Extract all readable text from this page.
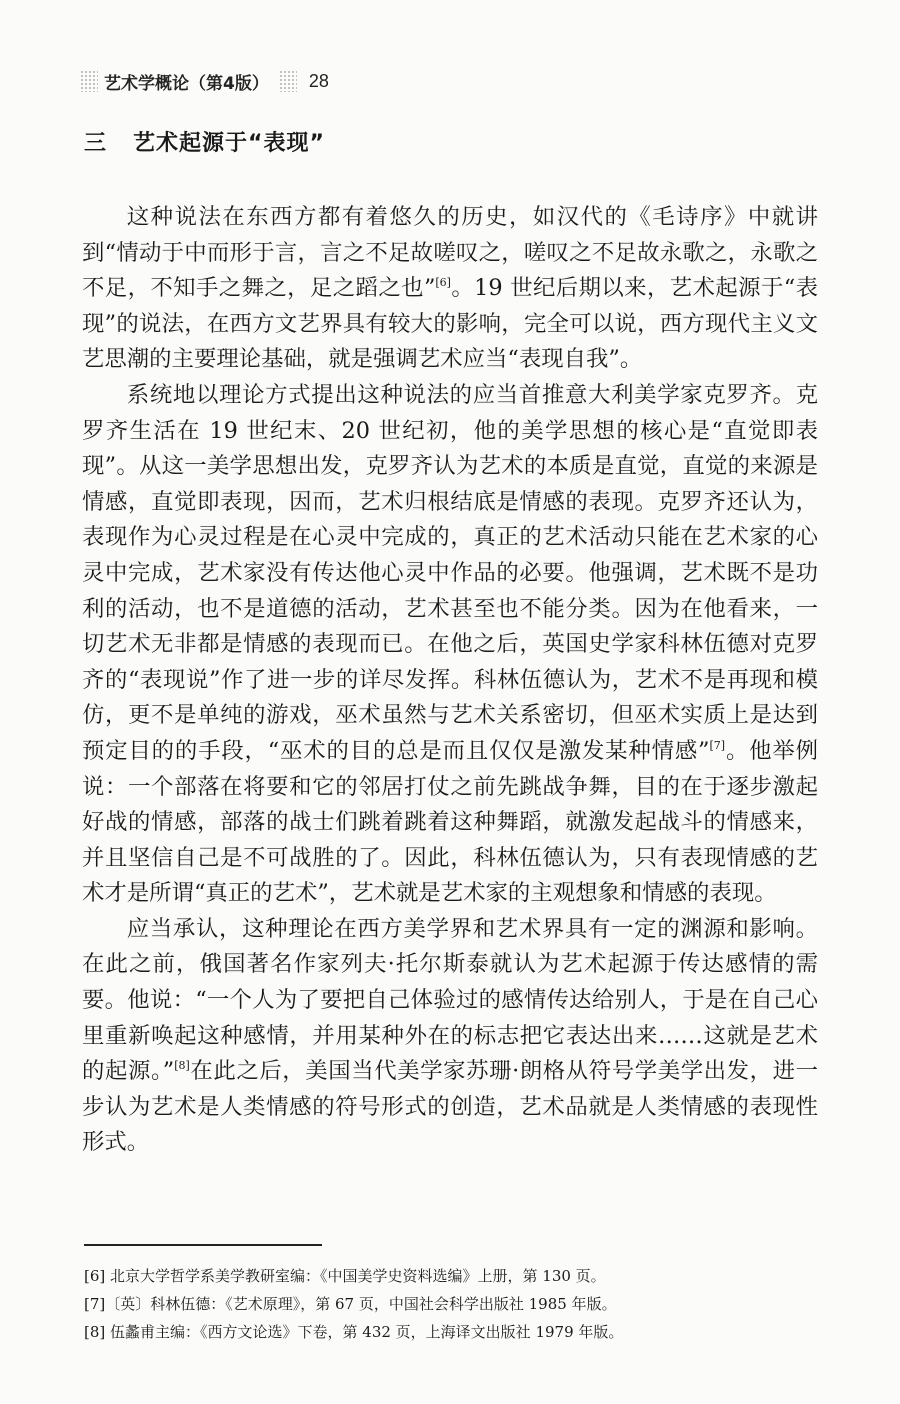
艺术学概论（第4版） 28
三 艺术起源于“表现”

这种说法在东西方都有着悠久的历史，如汉代的《毛诗序》中就讲到“情动于中而形于言，言之不足故嗟叹之，嗟叹之不足故永歌之，永歌之不足，不知手之舞之，足之蹈之也”[6]。19 世纪后期以来，艺术起源于“表现”的说法，在西方文艺界具有较大的影响，完全可以说，西方现代主义文艺思潮的主要理论基础，就是强调艺术应当“表现自我”。

系统地以理论方式提出这种说法的应当首推意大利美学家克罗齐。克罗齐生活在 19 世纪末、20 世纪初，他的美学思想的核心是“直觉即表现”。从这一美学思想出发，克罗齐认为艺术的本质是直觉，直觉的来源是情感，直觉即表现，因而，艺术归根结底是情感的表现。克罗齐还认为，表现作为心灵过程是在心灵中完成的，真正的艺术活动只能在艺术家的心灵中完成，艺术家没有传达他心灵中作品的必要。他强调，艺术既不是功利的活动，也不是道德的活动，艺术甚至也不能分类。因为在他看来，一切艺术无非都是情感的表现而已。在他之后，英国史学家科林伍德对克罗齐的“表现说”作了进一步的详尽发挥。科林伍德认为，艺术不是再现和模仿，更不是单纯的游戏，巫术虽然与艺术关系密切，但巫术实质上是达到预定目的的手段，“巫术的目的总是而且仅仅是激发某种情感”[7]。他举例说：一个部落在将要和它的邻居打仗之前先跳战争舞，目的在于逐步激起好战的情感，部落的战士们跳着跳着这种舞蹈，就激发起战斗的情感来，并且坚信自己是不可战胜的了。因此，科林伍德认为，只有表现情感的艺术才是所谓“真正的艺术”，艺术就是艺术家的主观想象和情感的表现。

应当承认，这种理论在西方美学界和艺术界具有一定的渊源和影响。在此之前，俄国著名作家列夫·托尔斯泰就认为艺术起源于传达感情的需要。他说：“一个人为了要把自己体验过的感情传达给别人，于是在自己心里重新唤起这种感情，并用某种外在的标志把它表达出来……这就是艺术的起源。”[8]在此之后，美国当代美学家苏珊·朗格从符号学美学出发，进一步认为艺术是人类情感的符号形式的创造，艺术品就是人类情感的表现性形式。

[6] 北京大学哲学系美学教研室编：《中国美学史资料选编》上册，第 130 页。
[7]〔英〕科林伍德：《艺术原理》，第 67 页，中国社会科学出版社 1985 年版。
[8] 伍蠡甫主编：《西方文论选》下卷，第 432 页，上海译文出版社 1979 年版。
